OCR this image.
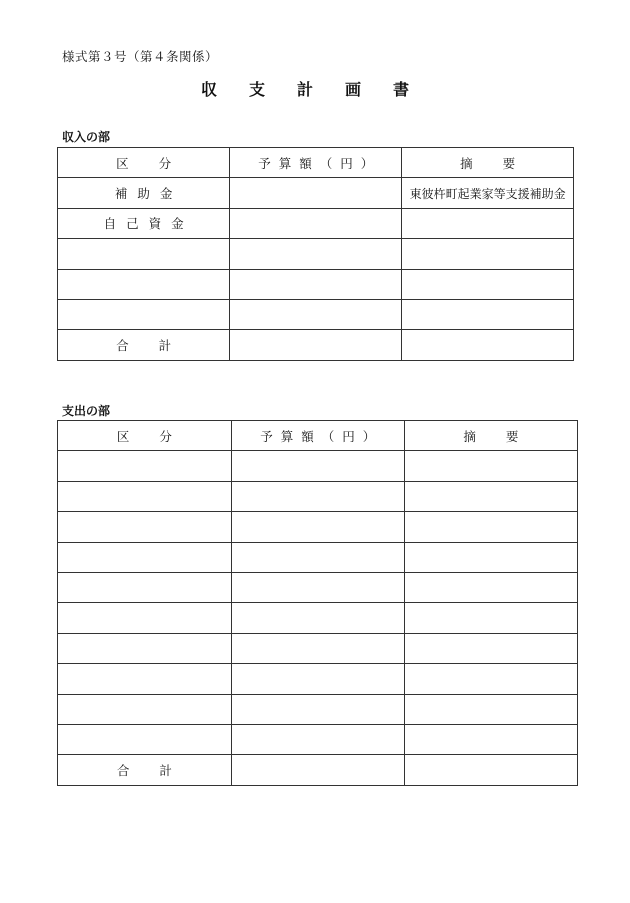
様式第３号（第４条関係）
収支計画書
収入の部
区分	予算額（円）	摘要
補助金		東彼杵町起業家等支援補助金
自己資金		

合計		
支出の部
区分	予算額（円）	摘要

合計		
